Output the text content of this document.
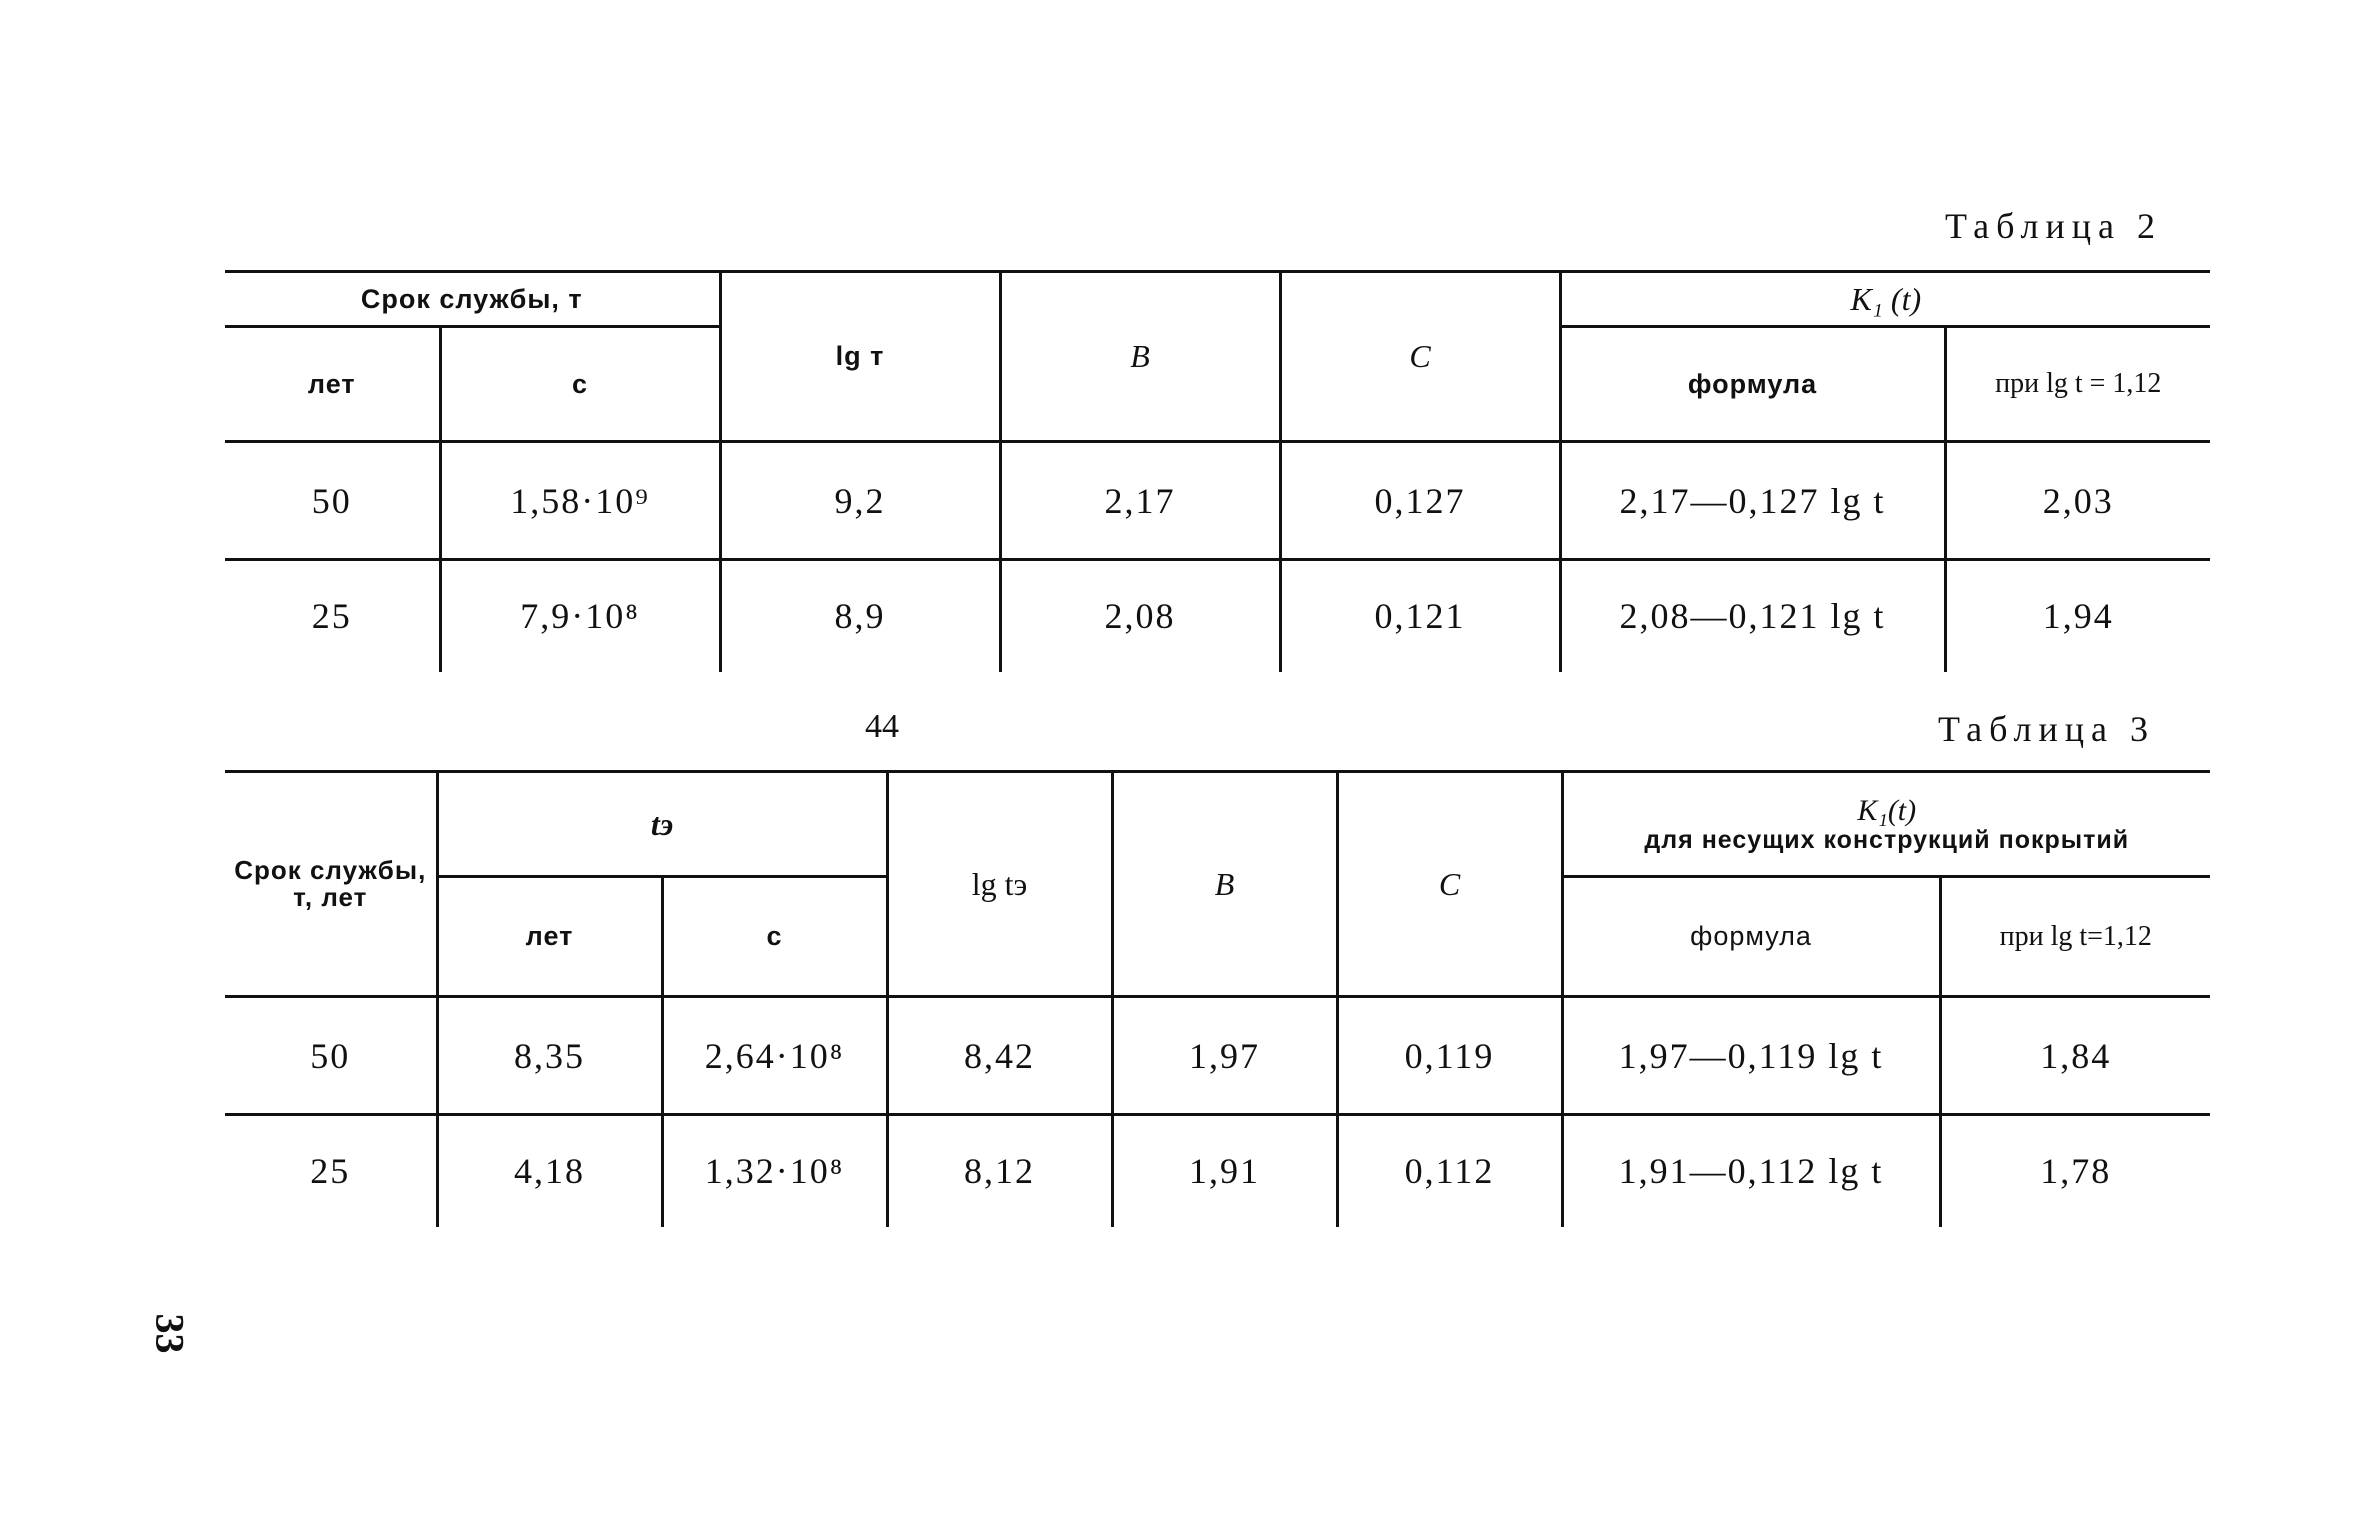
Таблица 2
Срок службы, т		lg т	B	C	K₁ (t)	
лет	с				формула	при lg t = 1,12
50	1,58·10⁹	9,2	2,17	0,127	2,17—0,127 lg t	2,03
25	7,9·10⁸	8,9	2,08	0,121	2,08—0,121 lg t	1,94
44	Таблица 3
Срок службы, т, лет	tэ		lg tэ	B	C	K₁(t)
для несущих конструкций покрытий	

	лет	с				формула	при lg t=1,12
50	8,35	2,64·10⁸	8,42	1,97	0,119	1,97—0,119 lg t	1,84
25	4,18	1,32·10⁸	8,12	1,91	0,112	1,91—0,112 lg t	1,78
33
